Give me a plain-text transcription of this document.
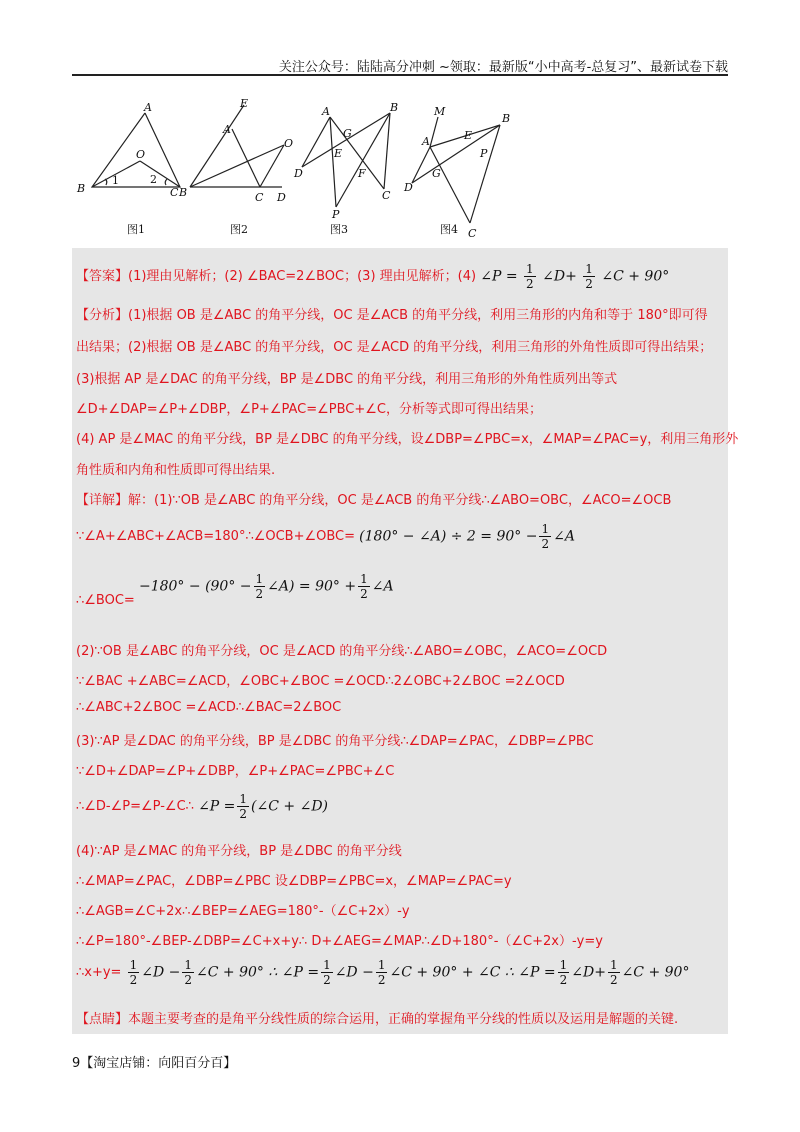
关注公众号：陆陆高分冲刺 ~领取：最新版“小中高考-总复习”、最新试卷下载
A
O
B	C
1	2
图1
E
A
O
B	C D
图2
A	B
G
E
F
D
C
P
图3
M
A	E
B
P
G
D
C
图4
【答案】(1)理由见解析；(2) ∠BAC=2∠BOC；(3) 理由见解析；(4) ∠P = $\frac{1}{2}$ ∠D+ $\frac{1}{2}$ ∠C + 90°
【分析】(1)根据 OB 是∠ABC 的角平分线，OC 是∠ACB 的角平分线，利用三角形的内角和等于 180°即可得
出结果；(2)根据 OB 是∠ABC 的角平分线，OC 是∠ACD 的角平分线，利用三角形的外角性质即可得出结果；
(3)根据 AP 是∠DAC 的角平分线，BP 是∠DBC 的角平分线，利用三角形的外角性质列出等式
∠D+∠DAP=∠P+∠DBP，∠P+∠PAC=∠PBC+∠C，分析等式即可得出结果；
(4) AP 是∠MAC 的角平分线，BP 是∠DBC 的角平分线，设∠DBP=∠PBC=x，∠MAP=∠PAC=y，利用三角形外
角性质和内角和性质即可得出结果.
【详解】解：(1)∵OB 是∠ABC 的角平分线，OC 是∠ACB 的角平分线∴∠ABO=OBC，∠ACO=∠OCB
∵∠A+∠ABC+∠ACB=180°∴∠OCB+∠OBC= (180° − ∠A) ÷ $2 = 90^\circ - \frac{1}{2}$ ∠A
∴∠BOC= $-180^\circ - (90^\circ - \frac{1}{2}$ ∠A) = $90^\circ + \frac{1}{2}$ ∠A
(2)∵OB 是∠ABC 的角平分线，OC 是∠ACD 的角平分线∴∠ABO=∠OBC，∠ACO=∠OCD
∵∠BAC +∠ABC=∠ACD，∠OBC+∠BOC =∠OCD∴2∠OBC+2∠BOC =2∠OCD
∴∠ABC+2∠BOC =∠ACD∴∠BAC=2∠BOC
(3)∵AP 是∠DAC 的角平分线，BP 是∠DBC 的角平分线∴∠DAP=∠PAC，∠DBP=∠PBC
∵∠D+∠DAP=∠P+∠DBP，∠P+∠PAC=∠PBC+∠C
∴∠D-∠P=∠P-∠C∴ ∠P = $\frac{1}{2}$ (∠C + ∠D)
(4)∵AP 是∠MAC 的角平分线，BP 是∠DBC 的角平分线
∴∠MAP=∠PAC，∠DBP=∠PBC 设∠DBP=∠PBC=x，∠MAP=∠PAC=y
∴∠AGB=∠C+2x∴∠BEP=∠AEG=180°-（∠C+2x）-y
∴∠P=180°-∠BEP-∠DBP=∠C+x+y∴ D+∠AEG=∠MAP∴∠D+180°-（∠C+2x）-y=y
∴x+y= $\frac{1}{2}$ ∠D − $\frac{1}{2}$ ∠C + 90° ∴ ∠P = $\frac{1}{2}$ ∠D − $\frac{1}{2}$ ∠C + 90° + ∠C ∴ ∠P = $\frac{1}{2}$ ∠D+ $\frac{1}{2}$ ∠C + 90°
【点睛】本题主要考查的是角平分线性质的综合运用，正确的掌握角平分线的性质以及运用是解题的关键.
9【淘宝店铺：向阳百分百】
